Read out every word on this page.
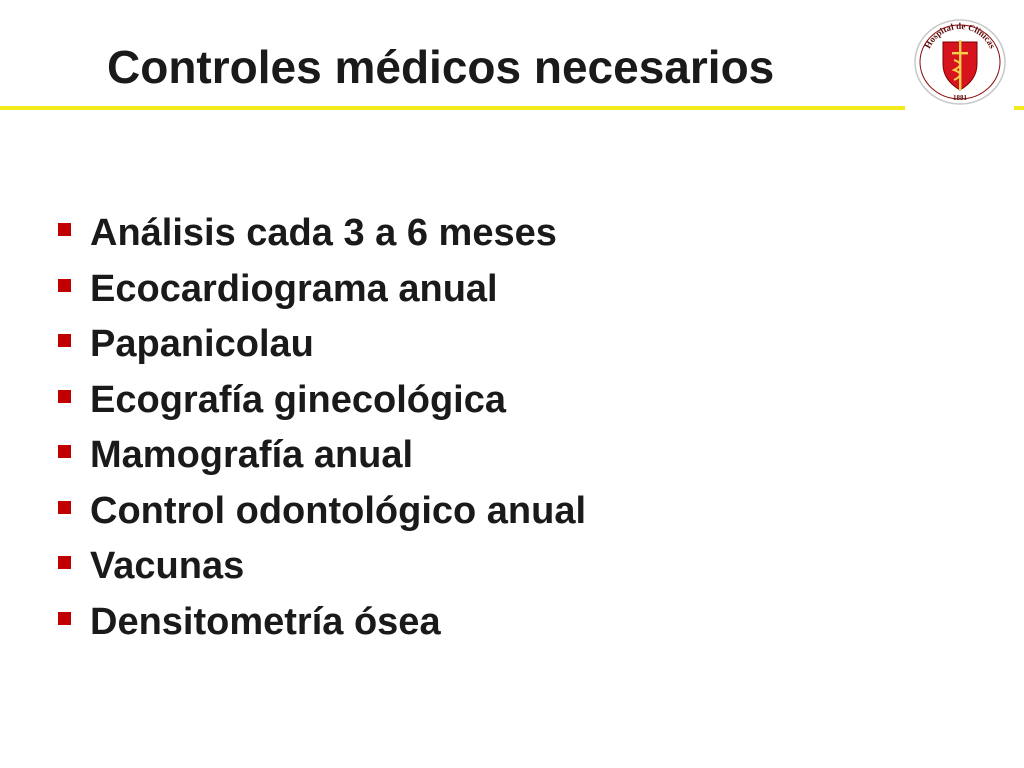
Controles médicos necesarios	Hospital de Clínicas
1881
Análisis cada 3 a 6 meses
Ecocardiograma anual
Papanicolau
Ecografía ginecológica
Mamografía anual
Control odontológico anual
Vacunas
Densitometría ósea
